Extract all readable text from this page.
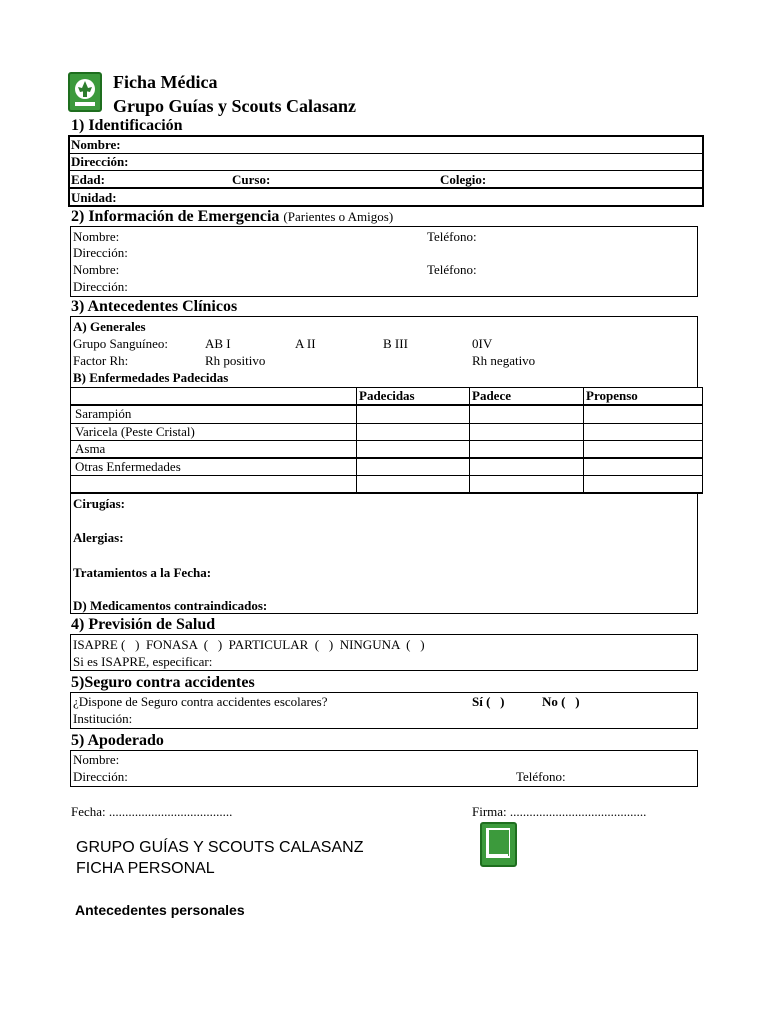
Ficha Médica
Grupo Guías y Scouts Calasanz
1) Identificación
Nombre:
Dirección:
Edad:	Curso:	Colegio:
Unidad:
2) Información de Emergencia (Parientes o Amigos)
Nombre:	Teléfono:
Dirección:
Nombre:	Teléfono:
Dirección:
3) Antecedentes Clínicos
A) Generales
Grupo Sanguíneo:	AB I	A II	B III	0IV
Factor Rh:	Rh positivo	Rh negativo
B) Enfermedades Padecidas
Padecidas	Padece	Propenso
Sarampión
Varicela (Peste Cristal)
Asma
Otras Enfermedades
Cirugías:
Alergias:
Tratamientos a la Fecha:
D) Medicamentos contraindicados:
4) Previsión de Salud
ISAPRE (   )  FONASA  (   )  PARTICULAR  (   )  NINGUNA  (   )
Si es ISAPRE, especificar:
5)Seguro contra accidentes
¿Dispone de Seguro contra accidentes escolares?	Sí (   )	No (   )
Institución:
5) Apoderado
Nombre:
Dirección:	Teléfono:
Fecha: ......................................	Firma: ..........................................
GRUPO GUÍAS Y SCOUTS CALASANZ
FICHA PERSONAL
Antecedentes personales
